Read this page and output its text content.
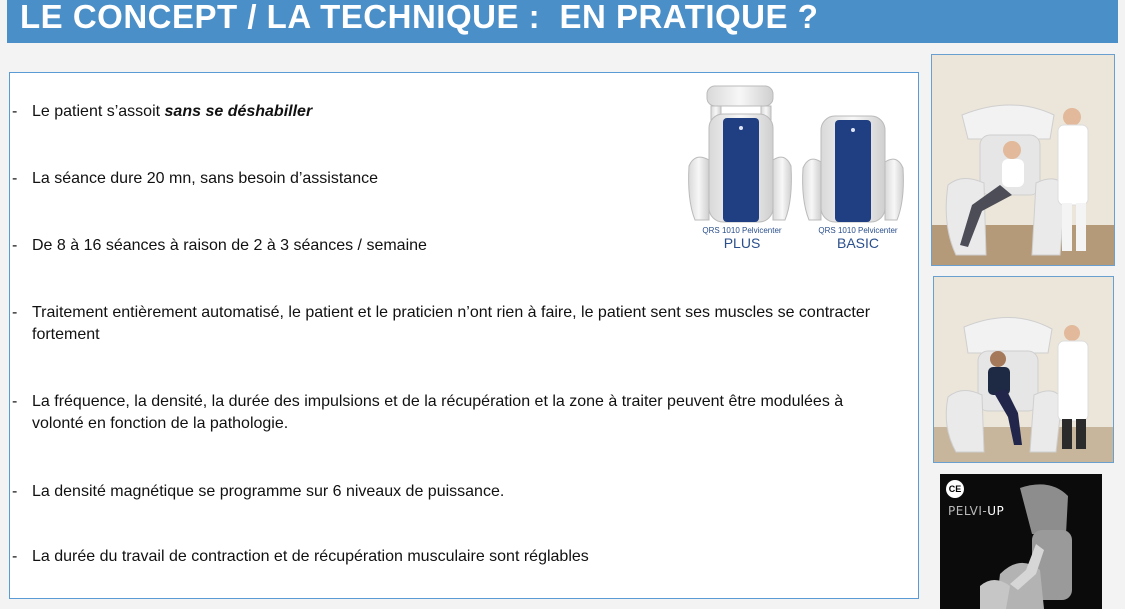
LE CONCEPT / LA TECHNIQUE :  EN PRATIQUE ?
- Le patient s’assoit sans se déshabiller
- La séance dure 20 mn, sans besoin d’assistance
- De 8 à 16 séances à raison de 2 à 3 séances / semaine
- Traitement entièrement automatisé, le patient et le praticien n’ont rien à faire, le patient sent ses muscles se contracter fortement
- La fréquence, la densité, la durée des impulsions et de la récupération et la zone à traiter peuvent être modulées à volonté en fonction de la pathologie.
- La densité magnétique se programme sur 6 niveaux de puissance.
- La durée du travail de contraction et de récupération musculaire sont réglables
QRS 1010 Pelvicenter
PLUS
QRS 1010 Pelvicenter
BASIC
CE
PELVI-UP
